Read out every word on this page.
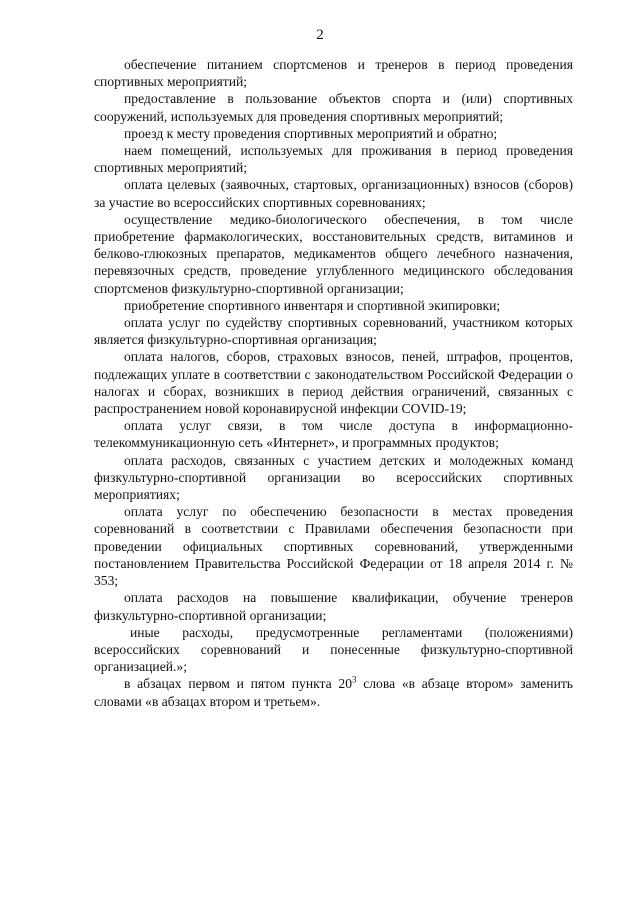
2

обеспечение питанием спортсменов и тренеров в период проведения спортивных мероприятий;

предоставление в пользование объектов спорта и (или) спортивных сооружений, используемых для проведения спортивных мероприятий;

проезд к месту проведения спортивных мероприятий и обратно;

наем помещений, используемых для проживания в период проведения спортивных мероприятий;

оплата целевых (заявочных, стартовых, организационных) взносов (сборов) за участие во всероссийских спортивных соревнованиях;

осуществление медико-биологического обеспечения, в том числе приобретение фармакологических, восстановительных средств, витаминов и белково-глюкозных препаратов, медикаментов общего лечебного назначения, перевязочных средств, проведение углубленного медицинского обследования спортсменов физкультурно-спортивной организации;

приобретение спортивного инвентаря и спортивной экипировки;

оплата услуг по судейству спортивных соревнований, участником которых является физкультурно-спортивная организация;

оплата налогов, сборов, страховых взносов, пеней, штрафов, процентов, подлежащих уплате в соответствии с законодательством Российской Федерации о налогах и сборах, возникших в период действия ограничений, связанных с распространением новой коронавирусной инфекции COVID-19;

оплата услуг связи, в том числе доступа в информационно-телекоммуникационную сеть «Интернет», и программных продуктов;

оплата расходов, связанных с участием детских и молодежных команд физкультурно-спортивной организации во всероссийских спортивных мероприятиях;

оплата услуг по обеспечению безопасности в местах проведения соревнований в соответствии с Правилами обеспечения безопасности при проведении официальных спортивных соревнований, утвержденными постановлением Правительства Российской Федерации от 18 апреля 2014 г. № 353;

оплата расходов на повышение квалификации, обучение тренеров физкультурно-спортивной организации;

иные расходы, предусмотренные регламентами (положениями) всероссийских соревнований и понесенные физкультурно-спортивной организацией.»;

в абзацах первом и пятом пункта $20^3$ слова «в абзаце втором» заменить словами «в абзацах втором и третьем».
